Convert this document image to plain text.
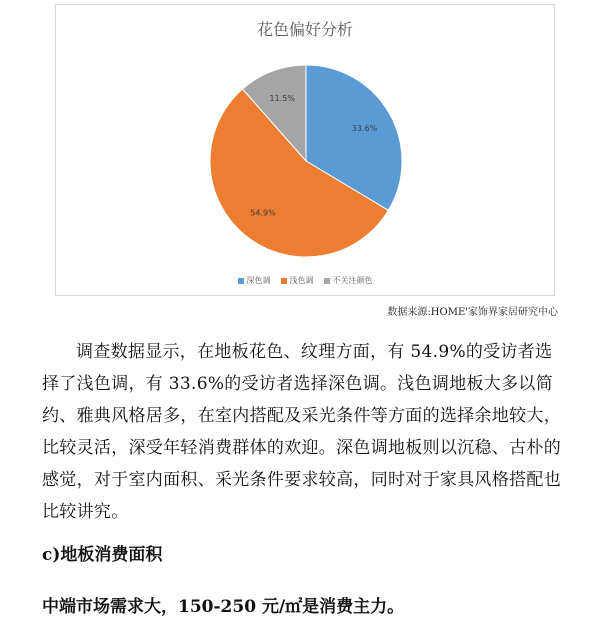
花色偏好分析
33.6%
54.9%
11.5%
深色调 浅色调 不关注颜色
数据来源:HOME'家饰界家居研究中心

调查数据显示，在地板花色、纹理方面，有 54.9%的受访者选择了浅色调，有 33.6%的受访者选择深色调。浅色调地板大多以简约、雅典风格居多，在室内搭配及采光条件等方面的选择余地较大，比较灵活，深受年轻消费群体的欢迎。深色调地板则以沉稳、古朴的感觉，对于室内面积、采光条件要求较高，同时对于家具风格搭配也比较讲究。

c)地板消费面积

中端市场需求大，150-250 元/㎡是消费主力。
